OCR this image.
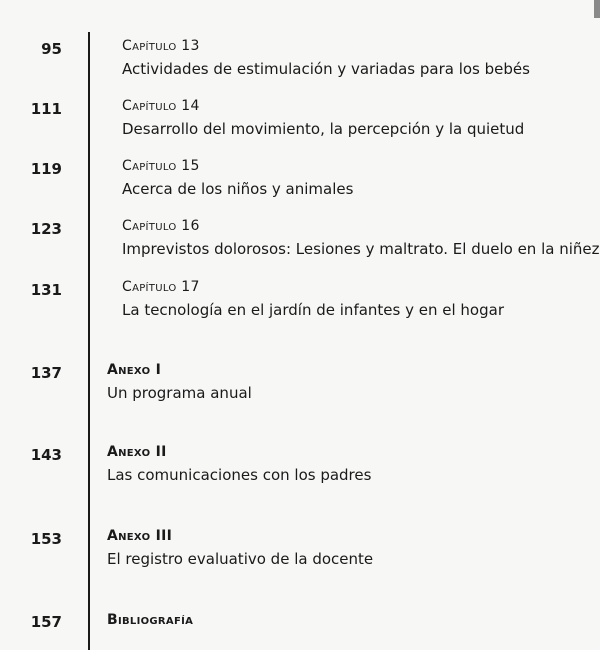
95	Capítulo 13
Actividades de estimulación y variadas para los bebés
111	Capítulo 14
Desarrollo del movimiento, la percepción y la quietud
119	Capítulo 15
Acerca de los niños y animales
123	Capítulo 16
Imprevistos dolorosos: Lesiones y maltrato. El duelo en la niñez
131	Capítulo 17
La tecnología en el jardín de infantes y en el hogar
137	Anexo I
Un programa anual
143	Anexo II
Las comunicaciones con los padres
153	Anexo III
El registro evaluativo de la docente
157	Bibliografía
